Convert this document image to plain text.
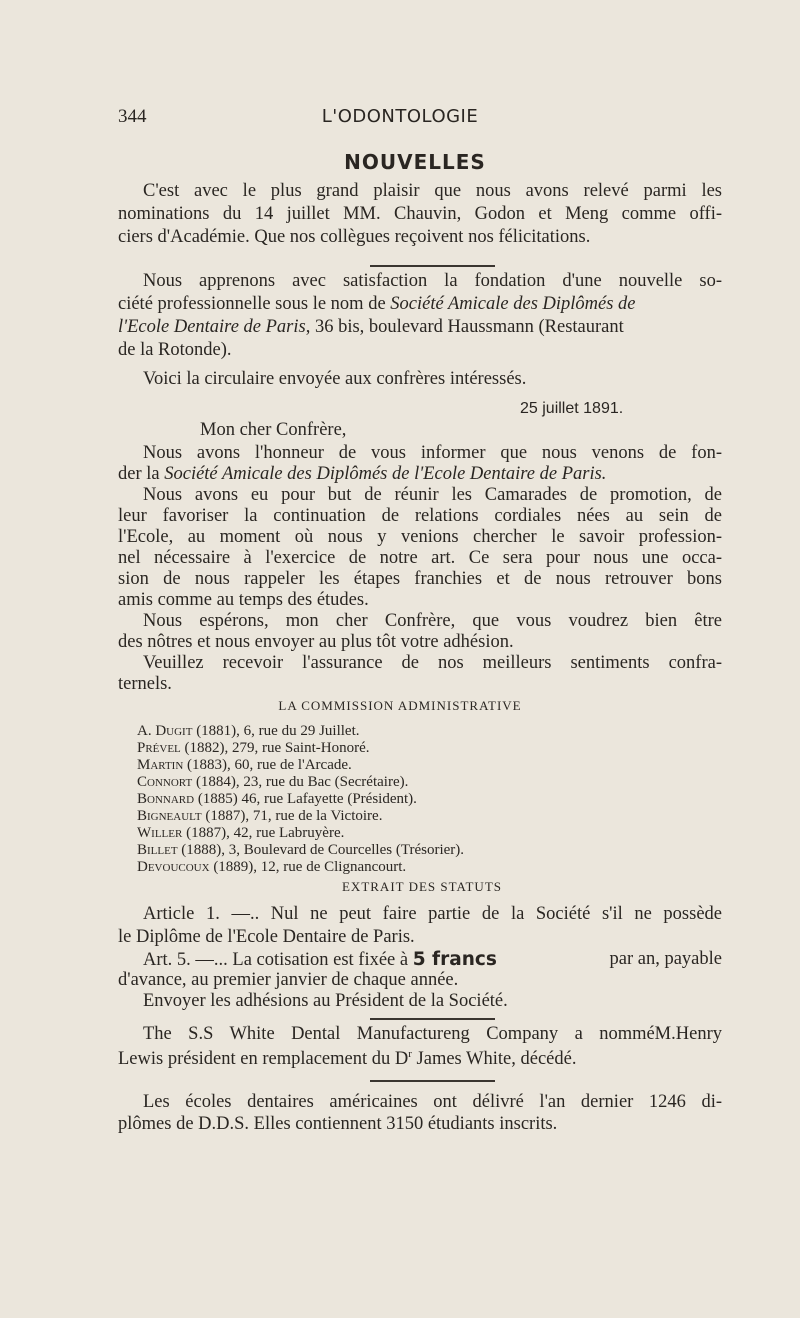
344	L'ODONTOLOGIE
NOUVELLES
C'est avec le plus grand plaisir que nous avons relevé parmi les
nominations du 14 juillet MM. Chauvin, Godon et Meng comme offi-
ciers d'Académie. Que nos collègues reçoivent nos félicitations.
Nous apprenons avec satisfaction la fondation d'une nouvelle so-
ciété professionnelle sous le nom de Société Amicale des Diplômés de
l'Ecole Dentaire de Paris, 36 bis, boulevard Haussmann (Restaurant
de la Rotonde).
Voici la circulaire envoyée aux confrères intéressés.
25 juillet 1891.
Mon cher Confrère,
Nous avons l'honneur de vous informer que nous venons de fon-
der la Société Amicale des Diplômés de l'Ecole Dentaire de Paris.
Nous avons eu pour but de réunir les Camarades de promotion, de
leur favoriser la continuation de relations cordiales nées au sein de
l'Ecole, au moment où nous y venions chercher le savoir profession-
nel nécessaire à l'exercice de notre art. Ce sera pour nous une occa-
sion de nous rappeler les étapes franchies et de nous retrouver bons
amis comme au temps des études.
Nous espérons, mon cher Confrère, que vous voudrez bien être
des nôtres et nous envoyer au plus tôt votre adhésion.
Veuillez recevoir l'assurance de nos meilleurs sentiments confra-
ternels.
LA COMMISSION ADMINISTRATIVE
A. Dugit (1881), 6, rue du 29 Juillet.
Prével (1882), 279, rue Saint-Honoré.
Martin (1883), 60, rue de l'Arcade.
Connort (1884), 23, rue du Bac (Secrétaire).
Bonnard (1885) 46, rue Lafayette (Président).
Bigneault (1887), 71, rue de la Victoire.
Willer (1887), 42, rue Labruyère.
Billet (1888), 3, Boulevard de Courcelles (Trésorier).
Devoucoux (1889), 12, rue de Clignancourt.
EXTRAIT DES STATUTS
Article 1. —.. Nul ne peut faire partie de la Société s'il ne possède
le Diplôme de l'Ecole Dentaire de Paris.
Art. 5. —... La cotisation est fixée à 5 francs	par an, payable
d'avance, au premier janvier de chaque année.
Envoyer les adhésions au Président de la Société.
The S.S White Dental Manufactureng Company a nomméM.Henry
Lewis président en remplacement du $D^r$ James White, décédé.
Les écoles dentaires américaines ont délivré l'an dernier 1246 di-
plômes de D.D.S. Elles contiennent 3150 étudiants inscrits.
